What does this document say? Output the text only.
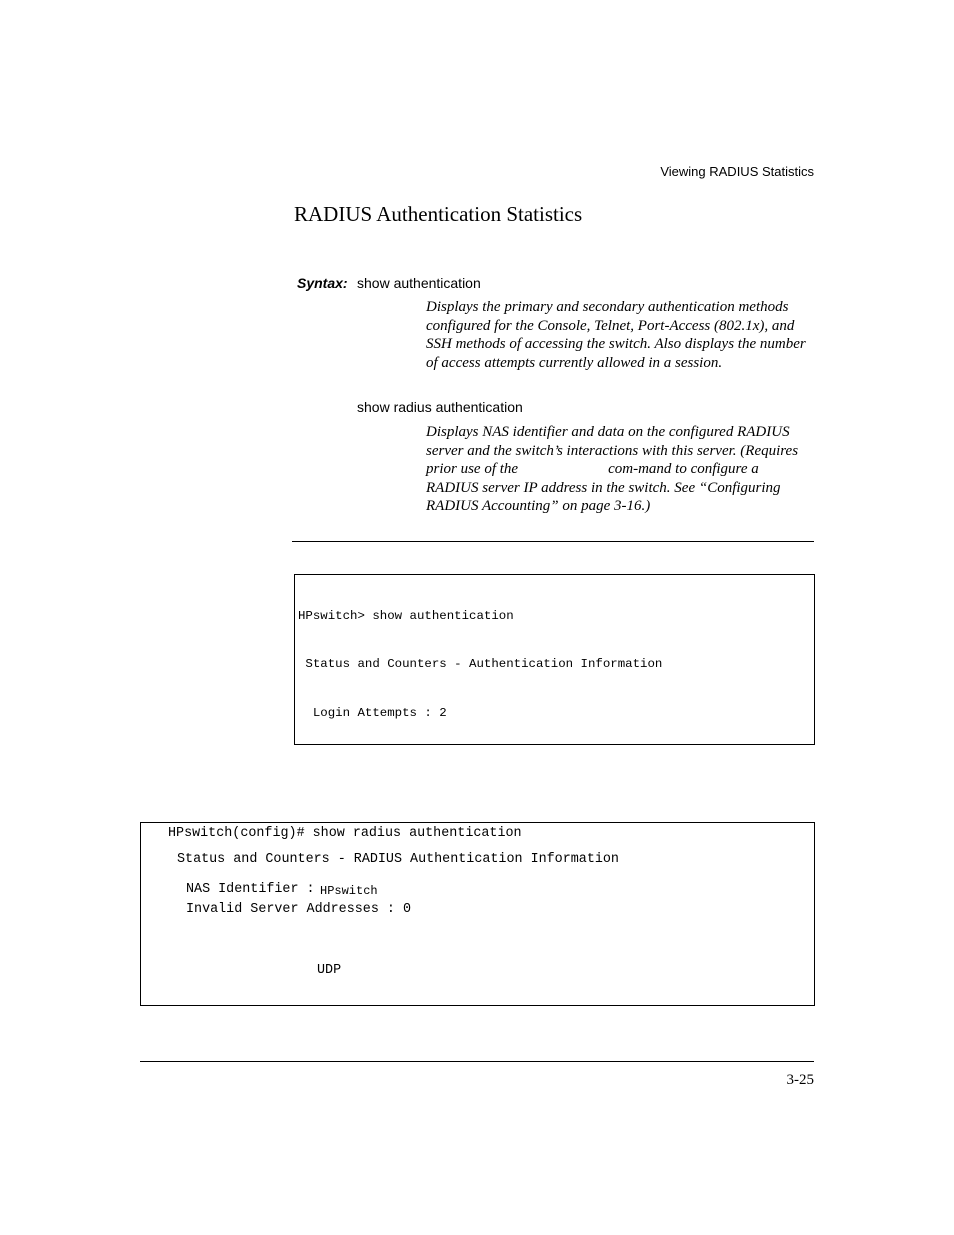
Viewing RADIUS Statistics
RADIUS Authentication Statistics
Syntax: show authentication
Displays the primary and secondary authentication methods configured for the Console, Telnet, Port-Access (802.1x), and SSH methods of accessing the switch. Also displays the number of access attempts currently allowed in a session.
show radius authentication
Displays NAS identifier and data on the configured RADIUS server and the switch’s interactions with this server. (Requires prior use of the                        com-mand to configure a RADIUS server IP address in the switch. See “Configuring RADIUS Accounting” on page 3-16.)

HPswitch> show authentication

Status and Counters - Authentication Information

Login Attempts : 2

HPswitch(config)# show radius authentication

Status and Counters - RADIUS Authentication Information

NAS Identifier :

HPswitch

Invalid Server Addresses : 0

UDP

3-25
